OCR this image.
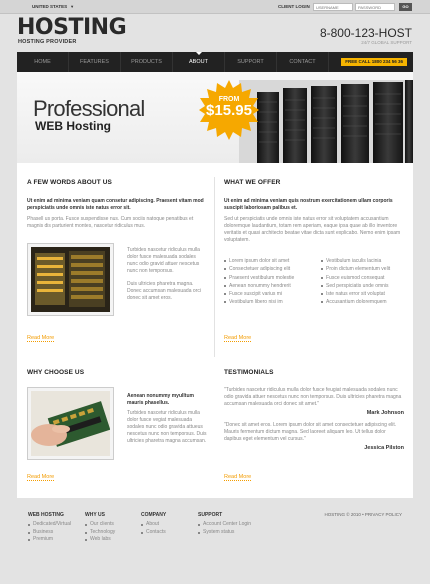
UNITED STATES ▼	CLIENT LOGIN
USERNAME	GO
HOSTING
HOSTING PROVIDER
8-800-123-HOST
24/7 GLOBAL SUPPORT
HOME	FEATURES	PRODUCTS	ABOUT	SUPPORT	CONTACT	FREE CALL 1800 234 56 36
Professional
WEB Hosting
FROM
$15.95
A FEW WORDS ABOUT US
Ut enim ad minima veniam quam consetur adipiscing. Praesent vitam mod perspiciatis unde omnis iste natus error sit.
Phasell us porta. Fusce suspendisse nus. Cum sociis natoque penatibus et magnis dis parturient montes, nascetur ridiculus mus.
Turbides nascetur ridiculus mulla dolor fusce malesuada sodales nunc odio gravid attuer nescetus nunc non temporsus.
Duis ultricies pharetra magna. Donec accumsan malesuada orci donec sit amet eros.
Read More
WHAT WE OFFER
Ut enim ad minima veniam quis nostrum exercitationem ullam corporis suscipit laboriosam palibus et.
Sed ut perspiciatis unde omnis iste natus error sit voluptatem accusantium doloremque laudantium, totam rem aperiam, eaque ipsa quae ab illo inventore veritatis et quasi architecto beatae vitae dicta sunt explicabo. Nemo enim ipsam voluptatem.
Lorem ipsum dolor sit amet
Consectetuer adipiscing elit
Praesent vestibulum molestie
Aenean nonummy hendrerit
Fusce suscipit varius mi
Vestibulum libero nisi im
Vestibulum iaculis lacinia
Proin dictum elementum velit
Fusce euismod consequat
Sed perspiciatis unde omnis
Iste natus error sit voluptat
Accusantium doloremquem
Read More
WHY CHOOSE US
Aenean nonummy myulltum mauris phasellus.
Turbides nascetur ridiculus mulla dolor fusce vegiat malesuada sodales nunc odio gravida attueus nescetus nunc non temporsus. Duis ultricies pharetra magna accumsan.
Read More
TESTIMONIALS
"Turbides nascetur ridiculus mulla dolor fusce feugiat malesuada sodales nunc odio gravida attuer nescetus nunc non temporsus. Duis ultricies pharetra magna accumsan malesuada orci donec sit amet."
Mark Johnson
"Donec sit amet eros. Lorem ipsum dolor sit amet consectetuer adipiscing elit. Mauris fermentum dictum magna. Sed laoreet aliquam leo. Ut tellus dolor dapibus eget elementum vel cursus."
Jessica Pilston
Read More
WEB HOSTING
Dedicated/Virtual
Business
Premium
WHY US
Our clients
Technology
Web labs
COMPANY
About
Contacts
SUPPORT
Account Center Login
System status
HOSTING © 2010 • PRIVACY POLICY
